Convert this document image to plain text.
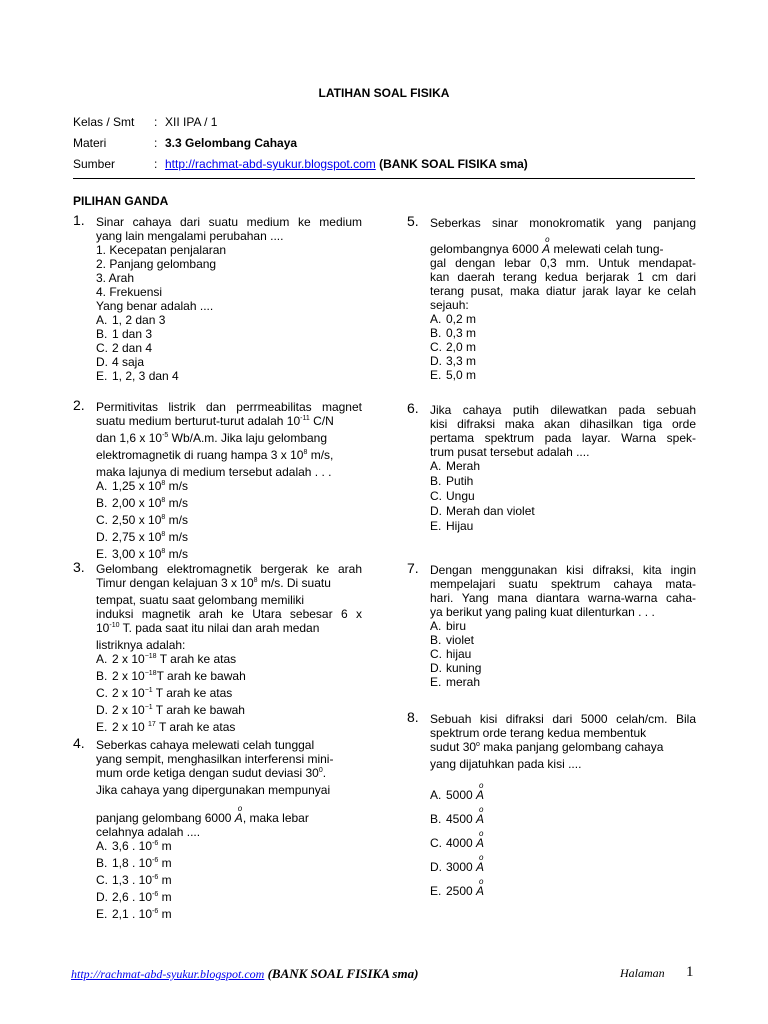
LATIHAN SOAL FISIKA
Kelas / Smt	: XII IPA / 1
Materi	: 3.3 Gelombang Cahaya
Sumber	: http://rachmat-abd-syukur.blogspot.com (BANK SOAL FISIKA sma)
PILIHAN GANDA
1. Sinar cahaya dari suatu medium ke medium
yang lain mengalami perubahan ....
1. Kecepatan penjalaran
2. Panjang gelombang
3. Arah
4. Frekuensi
Yang benar adalah ....
A. 1, 2 dan 3
B. 1 dan 3
C. 2 dan 4
D. 4 saja
E. 1, 2, 3 dan 4
2. Permitivitas listrik dan perrmeabilitas magnet
suatu medium berturut-turut adalah $10^{-11}$ C/N
dan 1,6 x $10^{-5}$ Wb/A.m. Jika laju gelombang
elektromagnetik di ruang hampa 3 x $10^8$ m/s,
maka lajunya di medium tersebut adalah . . .
A. 1,25 x $10^8$ m/s
B. 2,00 x $10^8$ m/s
C. 2,50 x $10^8$ m/s
D. 2,75 x $10^8$ m/s
E. 3,00 x $10^8$ m/s
3. Gelombang elektromagnetik bergerak ke arah
Timur dengan kelajuan 3 x $10^8$ m/s. Di suatu
tempat, suatu saat gelombang memiliki
induksi magnetik arah ke Utara sebesar 6 x
$10^{-10}$ T. pada saat itu nilai dan arah medan
listriknya adalah:
A. 2 x $10^{-18}$ T arah ke atas
B. 2 x $10^{-18}T$ arah ke bawah
C. 2 x $10^{-1}$ T arah ke atas
D. 2 x $10^{-1}$ T arah ke bawah
E. 2 x 10 $^{17}$ T arah ke atas
4. Seberkas cahaya melewati celah tunggal
yang sempit, menghasilkan interferensi mini-
mum orde ketiga dengan sudut deviasi $30^0$.
Jika cahaya yang dipergunakan mempunyai
panjang gelombang 6000
o
A, maka lebar
celahnya adalah ....
A. 3,6 . $10^{-6}$ m
B. 1,8 . $10^{-6}$ m
C. 1,3 . $10^{-6}$ m
D. 2,6 . $10^{-6}$ m
E. 2,1 . $10^{-6}$ m
5. Seberkas sinar monokromatik yang panjang
gelombangnya 6000
o
A melewati celah tung-
gal dengan lebar 0,3 mm. Untuk mendapat-
kan daerah terang kedua berjarak 1 cm dari
terang pusat, maka diatur jarak layar ke celah
sejauh:
A. 0,2 m
B. 0,3 m
C. 2,0 m
D. 3,3 m
E. 5,0 m
6. Jika cahaya putih dilewatkan pada sebuah
kisi difraksi maka akan dihasilkan tiga orde
pertama spektrum pada layar. Warna spek-
trum pusat tersebut adalah ....
A. Merah
B. Putih
C. Ungu
D. Merah dan violet
E. Hijau
7. Dengan menggunakan kisi difraksi, kita ingin
mempelajari suatu spektrum cahaya mata-
hari. Yang mana diantara warna-warna caha-
ya berikut yang paling kuat dilenturkan . . .
A. biru
B. violet
C. hijau
D. kuning
E. merah
8. Sebuah kisi difraksi dari 5000 celah/cm. Bila
spektrum orde terang kedua membentuk
sudut 30$^o$ maka panjang gelombang cahaya
yang dijatuhkan pada kisi ....
A. 5000
o
A
B. 4500
o
A
C. 4000
o
A
D. 3000
o
A
E. 2500
o
A
http://rachmat-abd-syukur.blogspot.com (BANK SOAL FISIKA sma)	Halaman 1
